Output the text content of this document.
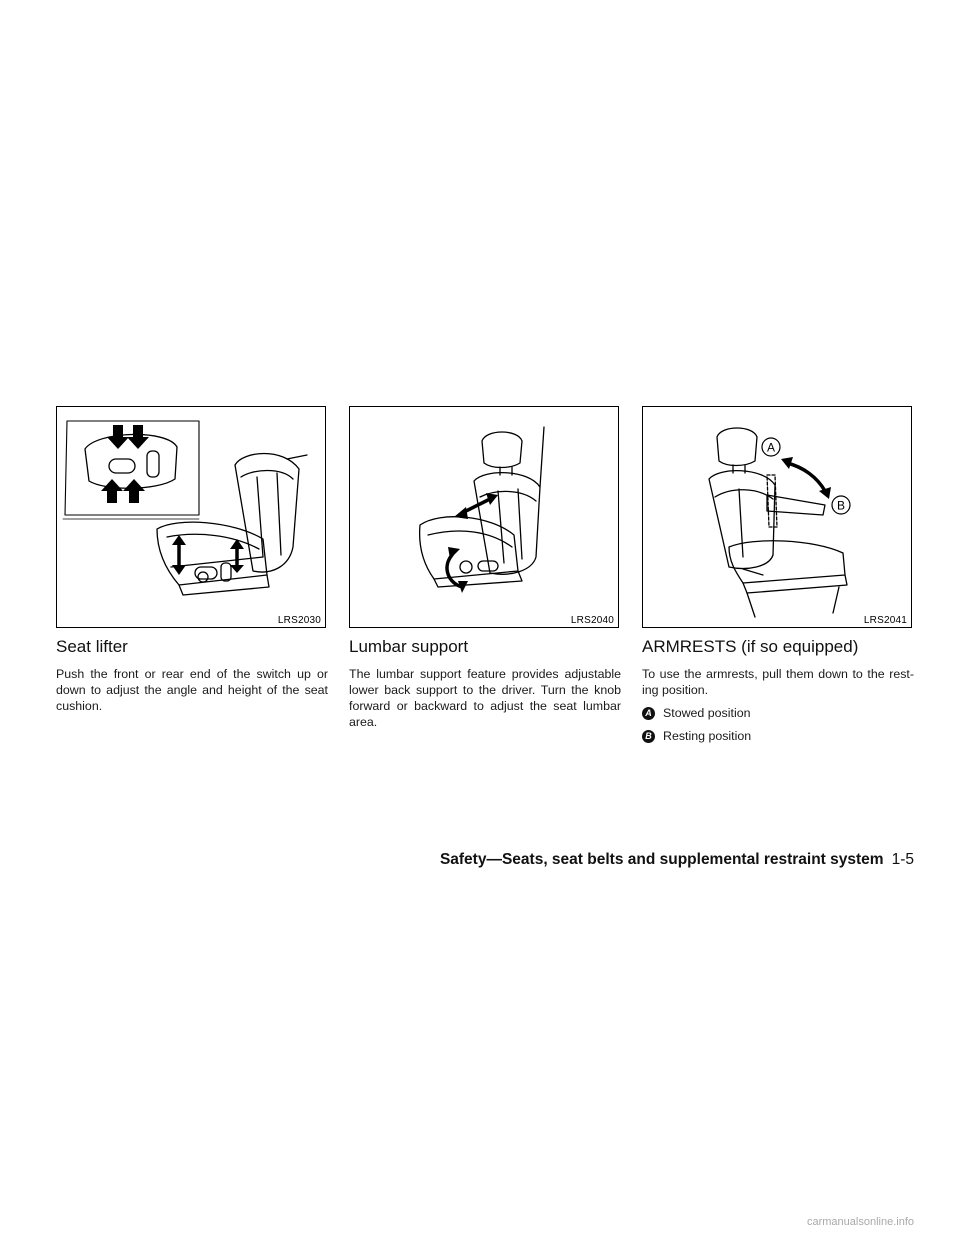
LRS2030
Seat lifter

Push the front or rear end of the switch up or down to adjust the angle and height of the seat cushion.

LRS2040
Lumbar support

The lumbar support feature provides adjustable lower back support to the driver. Turn the knob forward or backward to adjust the seat lumbar area.

A
B
LRS2041
ARMRESTS (if so equipped)

To use the armrests, pull them down to the rest- ing position.

A Stowed position
B Resting position
Safety—Seats, seat belts and supplemental restraint system 1-5
carmanualsonline.info
